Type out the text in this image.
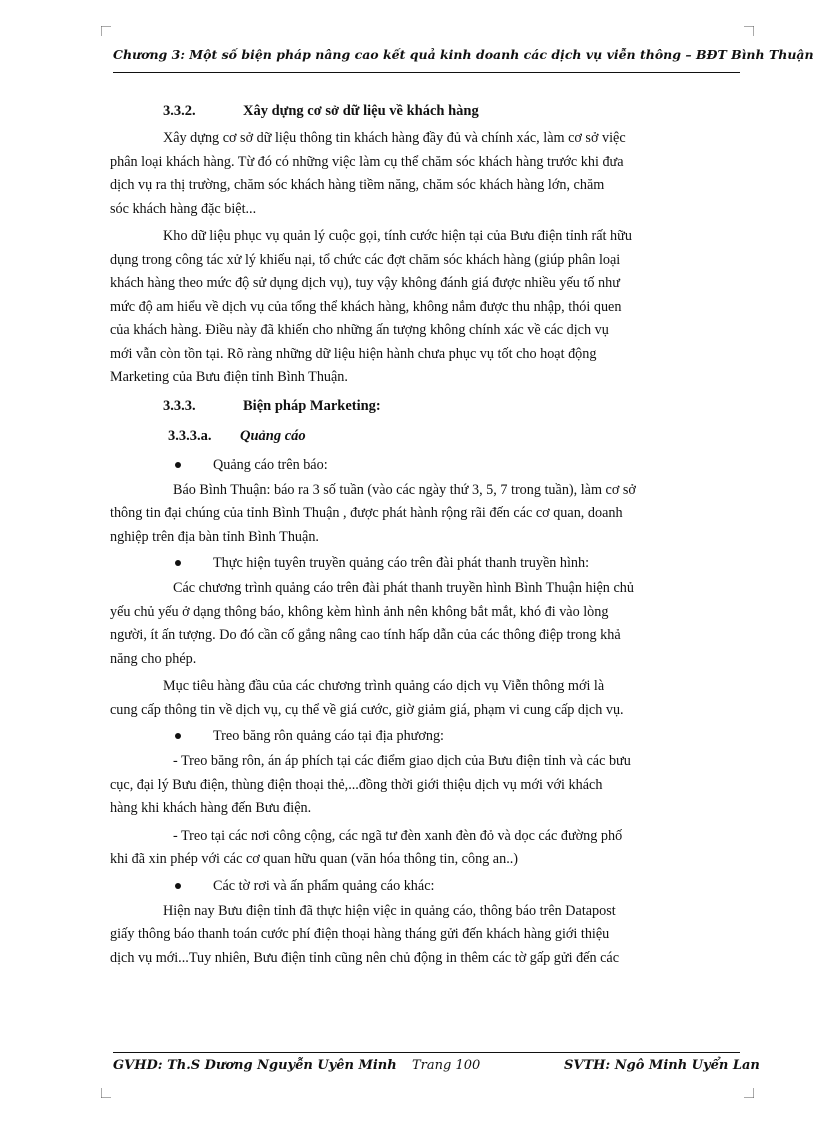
Chương 3: Một số biện pháp nâng cao kết quả kinh doanh các dịch vụ viễn thông – BĐT Bình Thuận
3.3.2.	Xây dựng cơ sở dữ liệu về khách hàng
Xây dựng cơ sở dữ liệu thông tin khách hàng đầy đủ và chính xác, làm cơ sở việc
phân loại khách hàng. Từ đó có những việc làm cụ thể chăm sóc khách hàng trước khi đưa
dịch vụ ra thị trường, chăm sóc khách hàng tiềm năng, chăm sóc khách hàng lớn, chăm
sóc khách hàng đặc biệt...
Kho dữ liệu phục vụ quản lý cuộc gọi, tính cước hiện tại của Bưu điện tỉnh rất hữu
dụng trong công tác xử lý khiếu nại, tổ chức các đợt chăm sóc khách hàng (giúp phân loại
khách hàng theo mức độ sử dụng dịch vụ), tuy vậy không đánh giá được nhiều yếu tố như
mức độ am hiểu về dịch vụ của tổng thể khách hàng, không nắm được thu nhập, thói quen
của khách hàng. Điều này đã khiến cho những ấn tượng không chính xác về các dịch vụ
mới vẫn còn tồn tại. Rõ ràng những dữ liệu hiện hành chưa phục vụ tốt cho hoạt động
Marketing của Bưu điện tỉnh Bình Thuận.
3.3.3.	Biện pháp Marketing:
3.3.3.a. Quảng cáo
Quảng cáo trên báo:
Báo Bình Thuận: báo ra 3 số tuần (vào các ngày thứ 3, 5, 7 trong tuần), làm cơ sở
thông tin đại chúng của tỉnh Bình Thuận , được phát hành rộng rãi đến các cơ quan, doanh
nghiệp trên địa bàn tỉnh Bình Thuận.
Thực hiện tuyên truyền quảng cáo trên đài phát thanh truyền hình:
Các chương trình quảng cáo trên đài phát thanh truyền hình Bình Thuận hiện chủ
yếu chủ yếu ở dạng thông báo, không kèm hình ảnh nên không bắt mắt, khó đi vào lòng
người, ít ấn tượng. Do đó cần cố gắng nâng cao tính hấp dẫn của các thông điệp trong khả
năng cho phép.
Mục tiêu hàng đầu của các chương trình quảng cáo dịch vụ Viễn thông mới là
cung cấp thông tin về dịch vụ, cụ thể về giá cước, giờ giảm giá, phạm vi cung cấp dịch vụ.
Treo băng rôn quảng cáo tại địa phương:
- Treo băng rôn, án áp phích tại các điểm giao dịch của Bưu điện tỉnh và các bưu
cục, đại lý Bưu điện, thùng điện thoại thẻ,...đồng thời giới thiệu dịch vụ mới với khách
hàng khi khách hàng đến Bưu điện.
- Treo tại các nơi công cộng, các ngã tư đèn xanh đèn đỏ và dọc các đường phố
khi đã xin phép với các cơ quan hữu quan (văn hóa thông tin, công an..)
Các tờ rơi và ấn phẩm quảng cáo khác:
Hiện nay Bưu điện tỉnh đã thực hiện việc in quảng cáo, thông báo trên Datapost
giấy thông báo thanh toán cước phí điện thoại hàng tháng gửi đến khách hàng giới thiệu
dịch vụ mới...Tuy nhiên, Bưu điện tỉnh cũng nên chủ động in thêm các tờ gấp gửi đến các
GVHD: Th.S Dương Nguyễn Uyên Minh Trang 100	SVTH: Ngô Minh Uyển Lan
